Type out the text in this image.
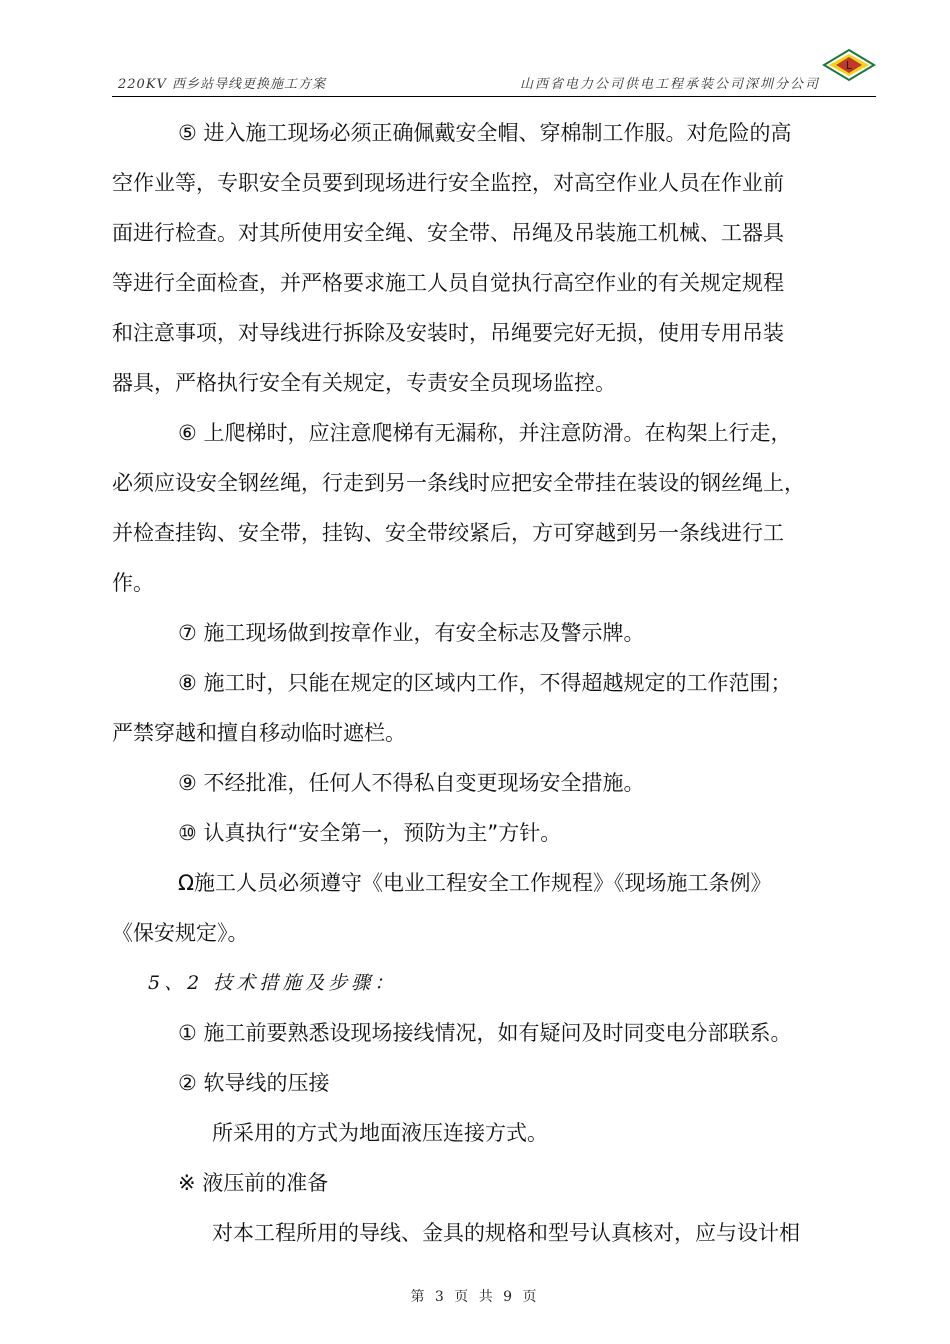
220KV 西乡站导线更换施工方案	山西省电力公司供电工程承装公司深圳分公司
L
⑤ 进入施工现场必须正确佩戴安全帽、穿棉制工作服。对危险的高
空作业等，专职安全员要到现场进行安全监控，对高空作业人员在作业前
面进行检查。对其所使用安全绳、安全带、吊绳及吊装施工机械、工器具
等进行全面检查，并严格要求施工人员自觉执行高空作业的有关规定规程
和注意事项，对导线进行拆除及安装时，吊绳要完好无损，使用专用吊装
器具，严格执行安全有关规定，专责安全员现场监控。
⑥ 上爬梯时，应注意爬梯有无漏称，并注意防滑。在构架上行走，
必须应设安全钢丝绳，行走到另一条线时应把安全带挂在装设的钢丝绳上，
并检查挂钩、安全带，挂钩、安全带绞紧后，方可穿越到另一条线进行工
作。
⑦ 施工现场做到按章作业，有安全标志及警示牌。
⑧ 施工时，只能在规定的区域内工作，不得超越规定的工作范围；
严禁穿越和擅自移动临时遮栏。
⑨ 不经批准，任何人不得私自变更现场安全措施。
⑩ 认真执行“安全第一，预防为主”方针。
Ω施工人员必须遵守《电业工程安全工作规程》《现场施工条例》
《保安规定》。
5、2 技术措施及步骤：
① 施工前要熟悉设现场接线情况，如有疑问及时同变电分部联系。
② 软导线的压接
所采用的方式为地面液压连接方式。
※ 液压前的准备
对本工程所用的导线、金具的规格和型号认真核对，应与设计相
第 3 页 共 9 页
